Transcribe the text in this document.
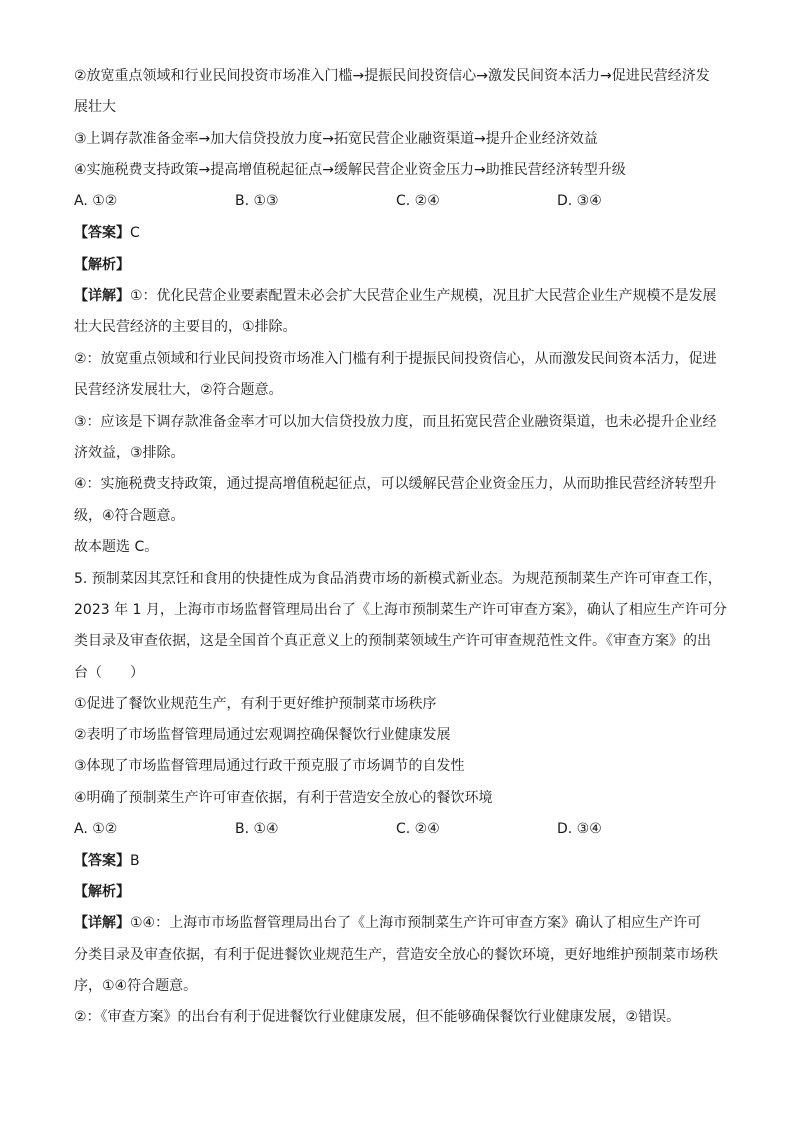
②放宽重点领域和行业民间投资市场准入门槛→提振民间投资信心→激发民间资本活力→促进民营经济发
展壮大
③上调存款准备金率→加大信贷投放力度→拓宽民营企业融资渠道→提升企业经济效益
④实施税费支持政策→提高增值税起征点→缓解民营企业资金压力→助推民营经济转型升级
A. ①②	B. ①③	C. ②④	D. ③④
【答案】C
【解析】
【详解】①：优化民营企业要素配置未必会扩大民营企业生产规模，况且扩大民营企业生产规模不是发展
壮大民营经济的主要目的，①排除。
②：放宽重点领域和行业民间投资市场准入门槛有利于提振民间投资信心，从而激发民间资本活力，促进
民营经济发展壮大，②符合题意。
③：应该是下调存款准备金率才可以加大信贷投放力度，而且拓宽民营企业融资渠道，也未必提升企业经
济效益，③排除。
④：实施税费支持政策，通过提高增值税起征点，可以缓解民营企业资金压力，从而助推民营经济转型升
级，④符合题意。
故本题选 C。
5. 预制菜因其烹饪和食用的快捷性成为食品消费市场的新模式新业态。为规范预制菜生产许可审查工作，
2023 年 1 月，上海市市场监督管理局出台了《上海市预制菜生产许可审查方案》，确认了相应生产许可分
类目录及审查依据，这是全国首个真正意义上的预制菜领域生产许可审查规范性文件。《审查方案》的出
台（　　）
①促进了餐饮业规范生产，有利于更好维护预制菜市场秩序
②表明了市场监督管理局通过宏观调控确保餐饮行业健康发展
③体现了市场监督管理局通过行政干预克服了市场调节的自发性
④明确了预制菜生产许可审查依据，有利于营造安全放心的餐饮环境
A. ①②	B. ①④	C. ②④	D. ③④
【答案】B
【解析】
【详解】①④：上海市市场监督管理局出台了《上海市预制菜生产许可审查方案》确认了相应生产许可
分类目录及审查依据，有利于促进餐饮业规范生产，营造安全放心的餐饮环境，更好地维护预制菜市场秩
序，①④符合题意。
②：《审查方案》的出台有利于促进餐饮行业健康发展，但不能够确保餐饮行业健康发展，②错误。
